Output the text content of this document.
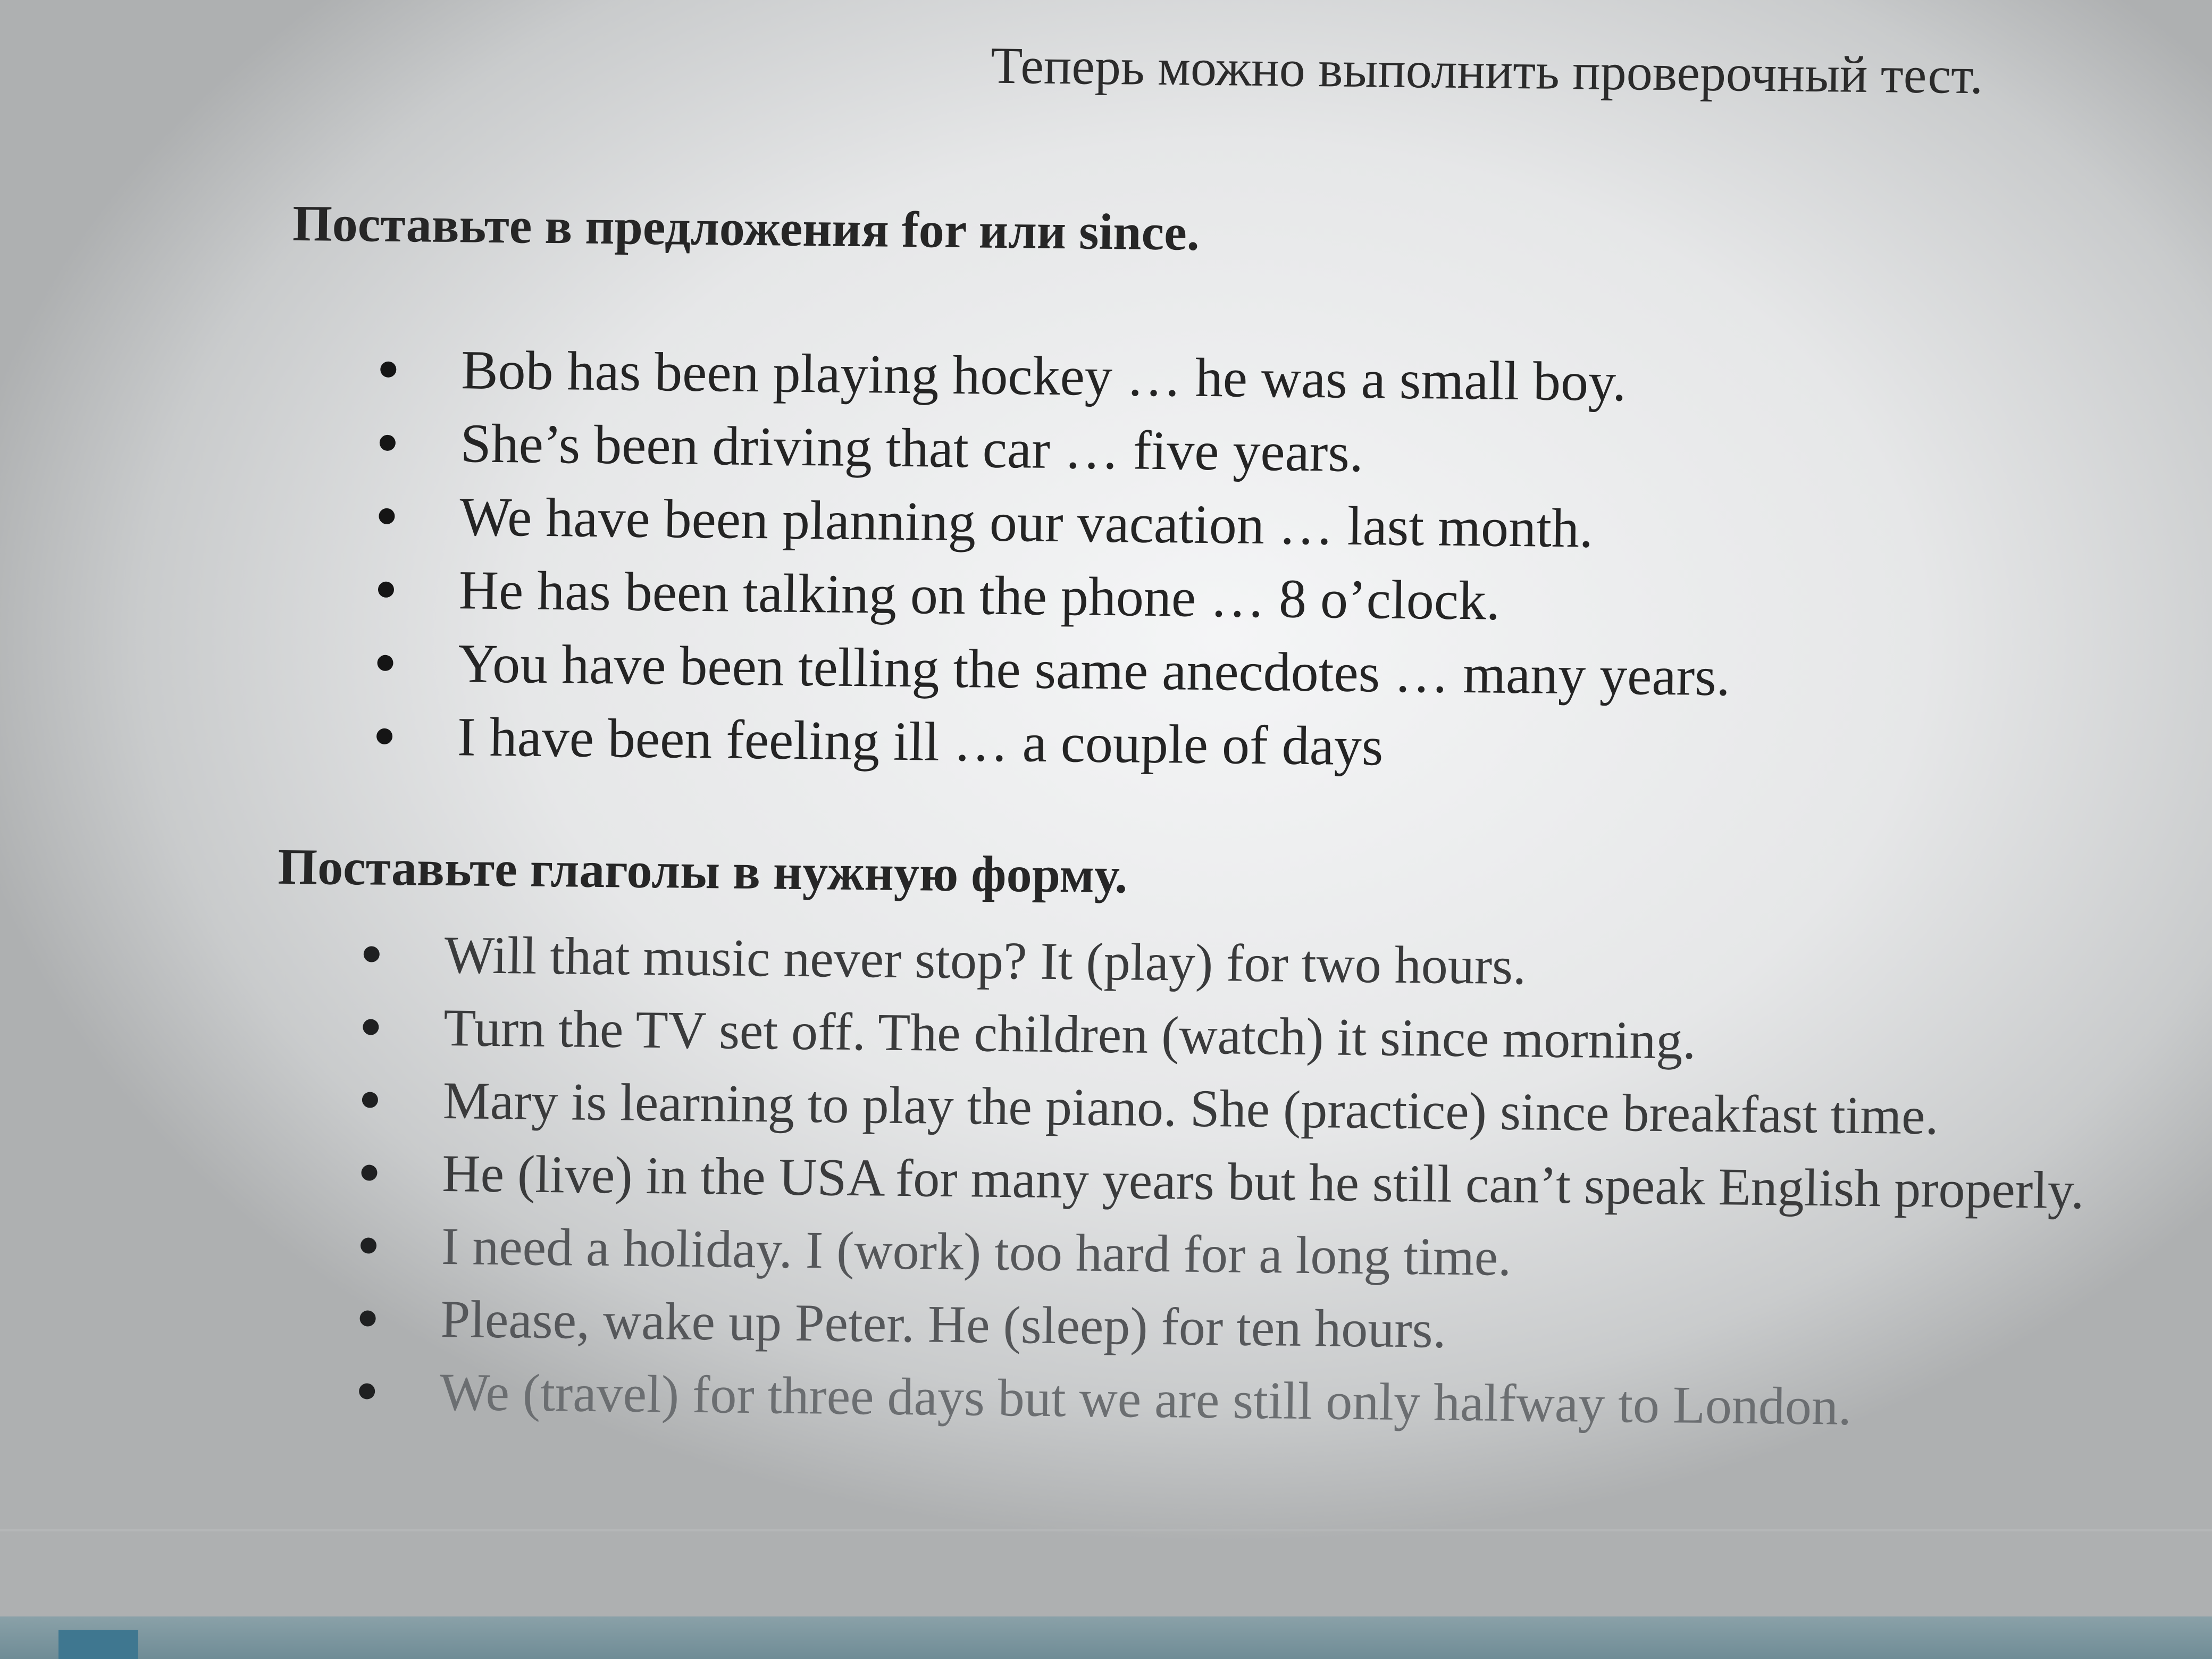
Теперь можно выполнить проверочный тест.
Поставьте в предложения for или since.
Bob has been playing hockey … he was a small boy.
She’s been driving that car … five years.
We have been planning our vacation … last month.
He has been talking on the phone … 8 o’clock.
You have been telling the same anecdotes … many years.
I have been feeling ill … a couple of days
Поставьте глаголы в нужную форму.
Will that music never stop? It (play) for two hours.
Turn the TV set off. The children (watch) it since morning.
Mary is learning to play the piano. She (practice) since breakfast time.
He (live) in the USA for many years but he still can’t speak English properly.
I need a holiday. I (work) too hard for a long time.
Please, wake up Peter. He (sleep) for ten hours.
We (travel) for three days but we are still only halfway to London.
